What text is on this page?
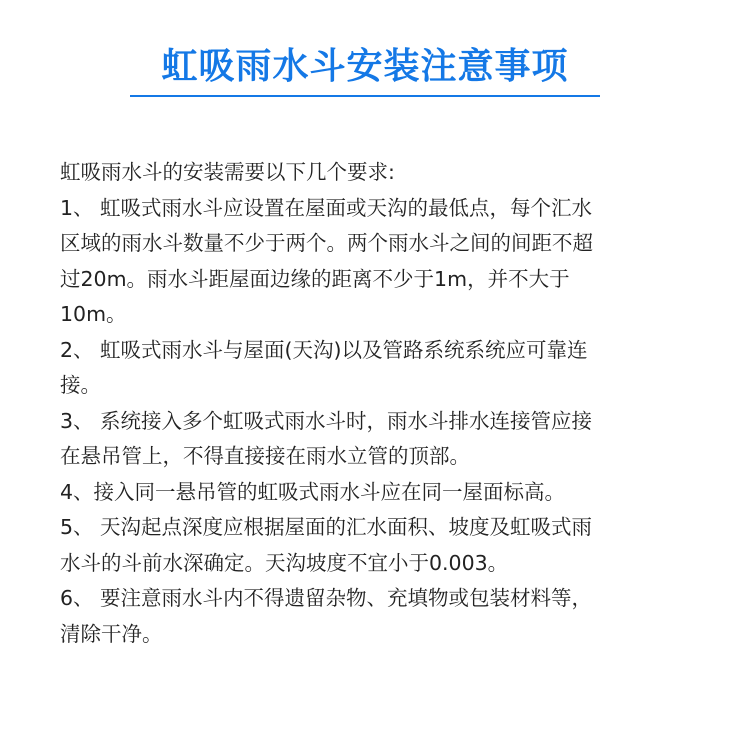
虹吸雨水斗安装注意事项
虹吸雨水斗的安装需要以下几个要求:
1、 虹吸式雨水斗应设置在屋面或天沟的最低点，每个汇水
区域的雨水斗数量不少于两个。两个雨水斗之间的间距不超
过20m。雨水斗距屋面边缘的距离不少于1m，并不大于
10m。
2、 虹吸式雨水斗与屋面(天沟)以及管路系统系统应可靠连
接。
3、 系统接入多个虹吸式雨水斗时，雨水斗排水连接管应接
在悬吊管上，不得直接接在雨水立管的顶部。
4、接入同一悬吊管的虹吸式雨水斗应在同一屋面标高。
5、 天沟起点深度应根据屋面的汇水面积、坡度及虹吸式雨
水斗的斗前水深确定。天沟坡度不宜小于0.003。
6、 要注意雨水斗内不得遗留杂物、充填物或包装材料等，
清除干净。
